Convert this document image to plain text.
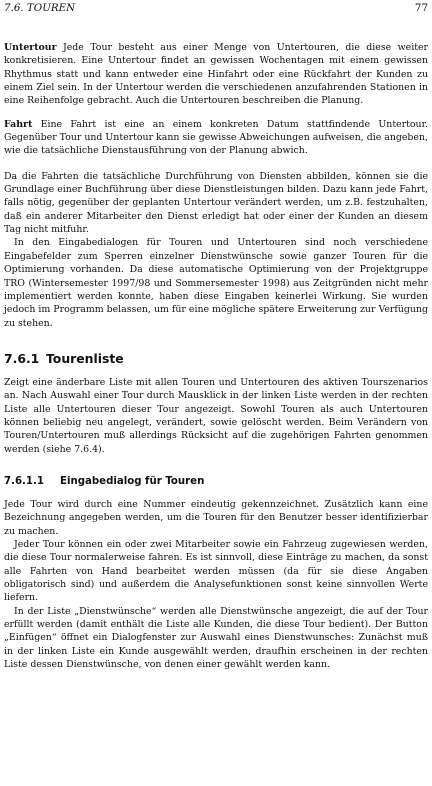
7.6. TOUREN	77

Untertour Jede Tour besteht aus einer Menge von Untertouren, die diese weiter konkretisieren. Eine Untertour findet an gewissen Wochentagen mit einem gewissen Rhythmus statt und kann entweder eine Hinfahrt oder eine Rückfahrt der Kunden zu einem Ziel sein. In der Untertour werden die verschiedenen anzufahrenden Stationen in eine Reihenfolge gebracht. Auch die Untertouren beschreiben die Planung.

Fahrt Eine Fahrt ist eine an einem konkreten Datum stattfindende Untertour. Gegenüber Tour und Untertour kann sie gewisse Abweichungen aufweisen, die angeben, wie die tatsächliche Dienstausführung von der Planung abwich.

Da die Fahrten die tatsächliche Durchführung von Diensten abbilden, können sie die Grundlage einer Buchführung über diese Dienstleistungen bilden. Dazu kann jede Fahrt, falls nötig, gegenüber der geplanten Untertour verändert werden, um z.B. festzuhalten, daß ein anderer Mitarbeiter den Dienst erledigt hat oder einer der Kunden an diesem Tag nicht mitfuhr.

In den Eingabedialogen für Touren und Untertouren sind noch verschiedene Eingabefelder zum Sperren einzelner Dienstwünsche sowie ganzer Touren für die Optimierung vorhanden. Da diese automatische Optimierung von der Projektgruppe TRO (Wintersemester 1997/98 und Sommersemester 1998) aus Zeitgründen nicht mehr implementiert werden konnte, haben diese Eingaben keinerlei Wirkung. Sie wurden jedoch im Programm belassen, um für eine mögliche spätere Erweiterung zur Verfügung zu stehen.

7.6.1 Tourenliste

Zeigt eine änderbare Liste mit allen Touren und Untertouren des aktiven Tourszenarios an. Nach Auswahl einer Tour durch Mausklick in der linken Liste werden in der rechten Liste alle Untertouren dieser Tour angezeigt. Sowohl Touren als auch Untertouren können beliebig neu angelegt, verändert, sowie gelöscht werden. Beim Verändern von Touren/Untertouren muß allerdings Rücksicht auf die zugehörigen Fahrten genommen werden (siehe 7.6.4).

7.6.1.1 Eingabedialog für Touren

Jede Tour wird durch eine Nummer eindeutig gekennzeichnet. Zusätzlich kann eine Bezeichnung angegeben werden, um die Touren für den Benutzer besser identifizierbar zu machen.

Jeder Tour können ein oder zwei Mitarbeiter sowie ein Fahrzeug zugewiesen werden, die diese Tour normalerweise fahren. Es ist sinnvoll, diese Einträge zu machen, da sonst alle Fahrten von Hand bearbeitet werden müssen (da für sie diese Angaben obligatorisch sind) und außerdem die Analysefunktionen sonst keine sinnvollen Werte liefern.

In der Liste „Dienstwünsche“ werden alle Dienstwünsche angezeigt, die auf der Tour erfüllt werden (damit enthält die Liste alle Kunden, die diese Tour bedient). Der Button „Einfügen“ öffnet ein Dialogfenster zur Auswahl eines Dienstwunsches: Zunächst muß in der linken Liste ein Kunde ausgewählt werden, draufhin erscheinen in der rechten Liste dessen Dienstwünsche, von denen einer gewählt werden kann.
